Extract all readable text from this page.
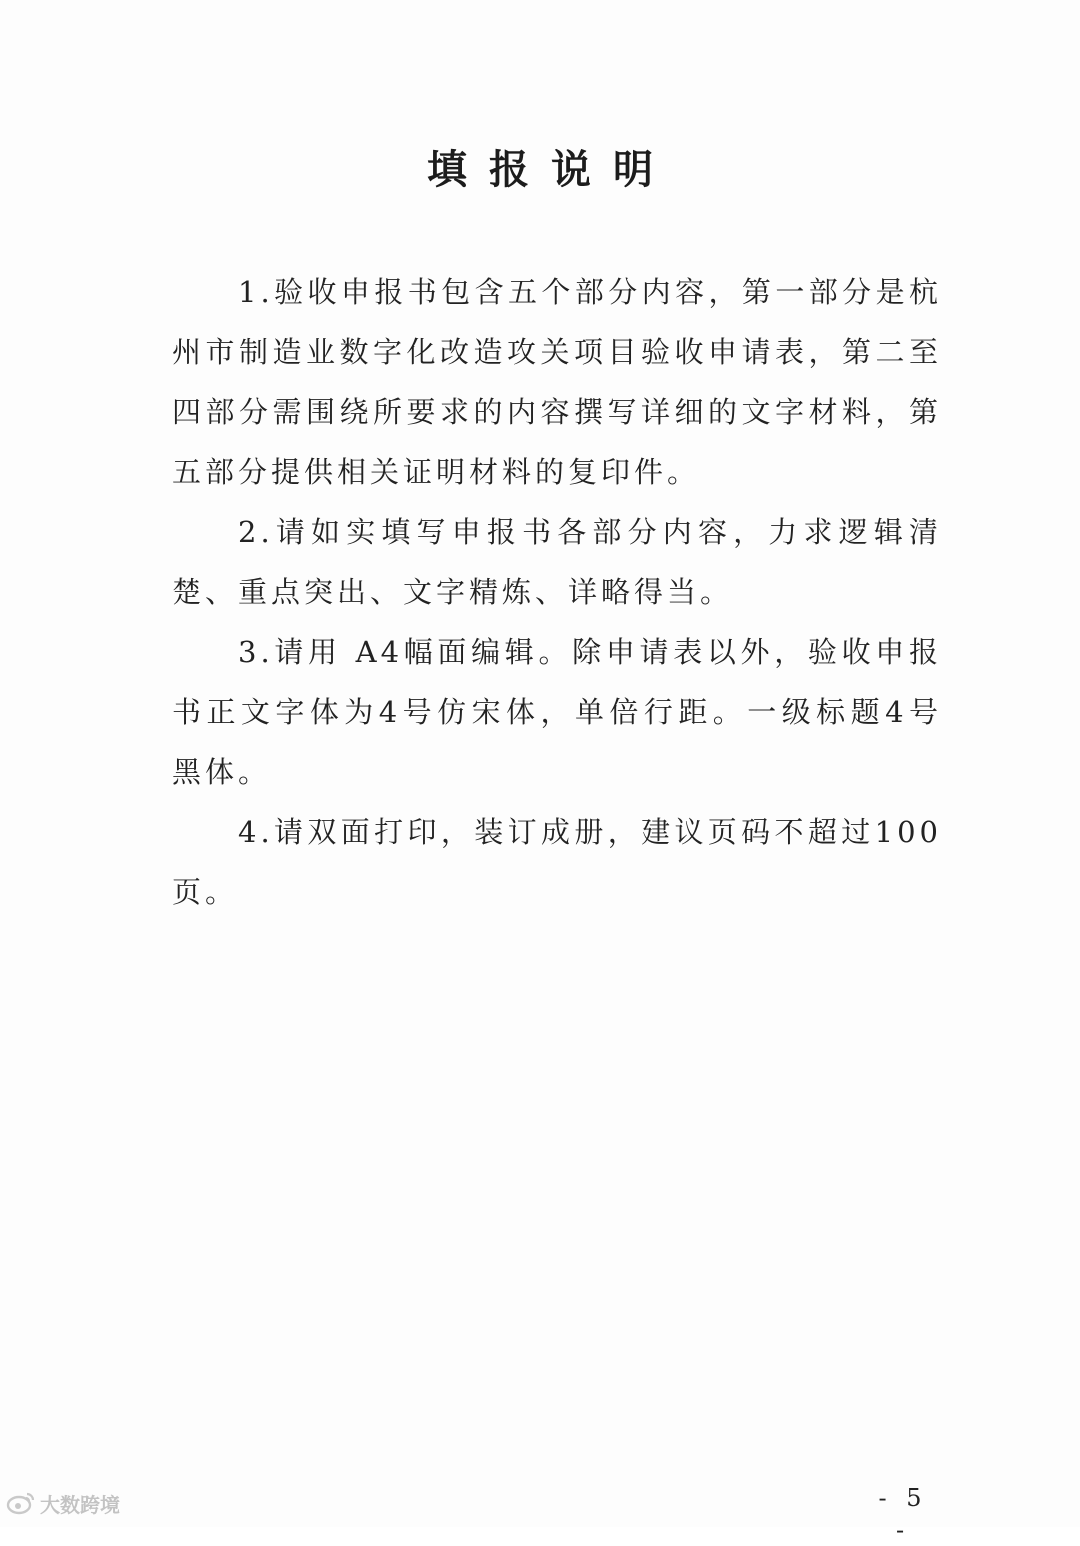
填报说明

1.验收申报书包含五个部分内容，第一部分是杭州市制造业数字化改造攻关项目验收申请表，第二至四部分需围绕所要求的内容撰写详细的文字材料，第五部分提供相关证明材料的复印件。

2.请如实填写申报书各部分内容，力求逻辑清楚、重点突出、文字精炼、详略得当。

3.请用 A4幅面编辑。除申请表以外，验收申报书正文字体为4号仿宋体，单倍行距。一级标题4号黑体。

4.请双面打印，装订成册，建议页码不超过100页。

- 5 -
大数跨境
